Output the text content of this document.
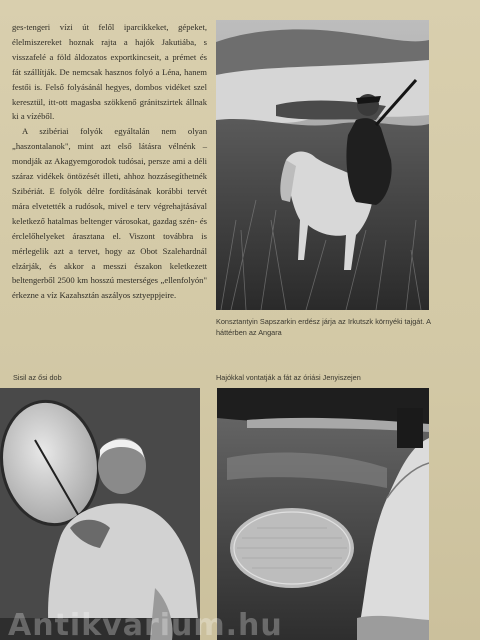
ges-tengeri vízi út felől iparcikkeket, gépeket, élelmiszereket hoznak rajta a hajók Jakutiába, s visszafelé a föld áldozatos exportkincseit, a prémet és fát szállítják. De nemcsak hasznos folyó a Léna, hanem festői is. Felső folyásánál hegyes, dombos vidéket szel keresztül, itt-ott magasba szökkenő gránitszirtek állnak ki a vízéből.

A szibériai folyók egyáltalán nem olyan „haszontalanok", mint azt első látásra vélnénk – mondják az Akagyemgorodok tudósai, persze ami a déli száraz vidékek öntözését illeti, ahhoz hozzásegíthetnék Szibériát. E folyók délre fordításának korábbi tervét mára elvetették a rudósok, mivel e terv végrehajtásával keletkező hatalmas beltenger városokat, gazdag szén- és érclelőhelyeket árasztana el. Viszont továbbra is mérlegelik azt a tervet, hogy az Obot Szalehardnál elzárják, és akkor a messzi északon keletkezett beltengerből 2500 km hosszú mesterséges „ellenfolyón" érkezne a víz Kazahsztán aszályos sztyeppjeire.

Konsztantyin Sapszarkin erdész járja az Irkutszk környéki tajgát. A háttérben az Angara
Sisil az ősi dob	Hajókkal vontatják a fát az óriási Jenyiszejen
Antikvarium.hu
